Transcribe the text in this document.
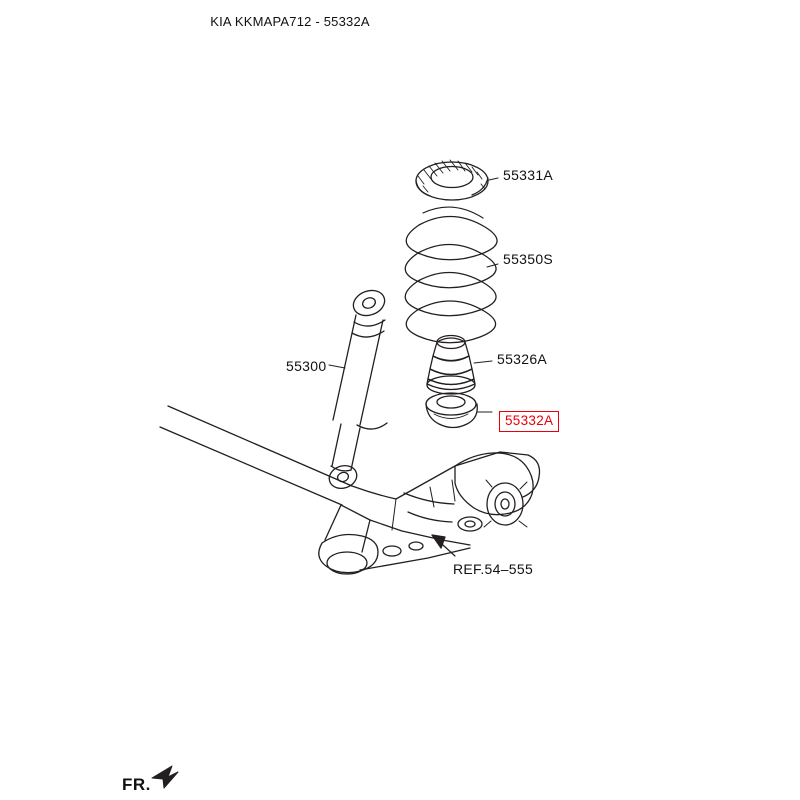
KIA KKMAPA712 - 55332A
55331A
55350S
55300	55326A
55332A
REF.54–555
FR.
